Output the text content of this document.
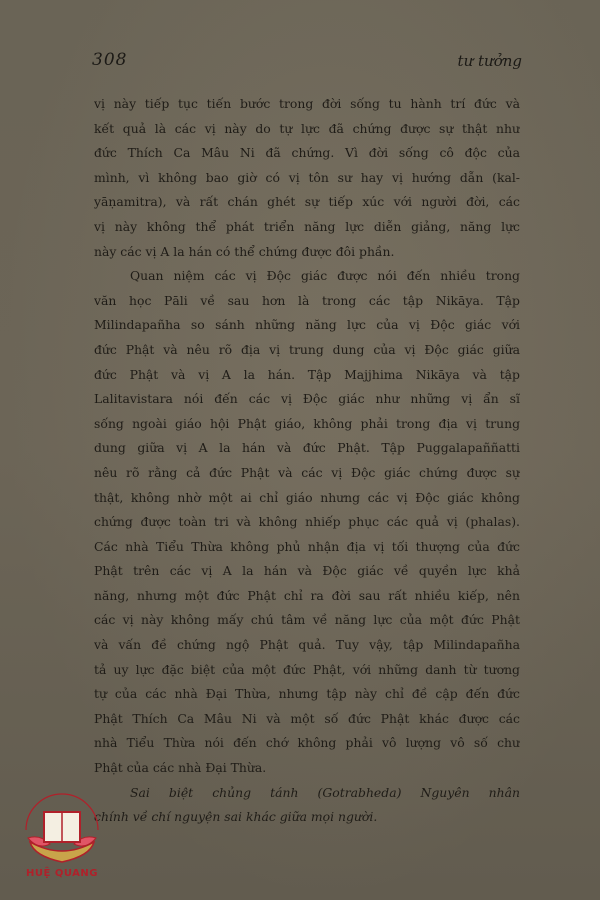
308	tư tưởng
vị này tiếp tục tiến bước trong đời sống tu hành trí đức và
kết quả là các vị này do tự lực đã chứng được sự thật như
đức Thích Ca Mâu Ni đã chứng. Vì đời sống cô độc của
mình, vì không bao giờ có vị tôn sư hay vị hướng dẫn (kal-
yāṇamitra), và rất chán ghét sự tiếp xúc với người đời, các
vị này không thể phát triển năng lực diễn giảng, năng lực
này các vị A la hán có thể chứng được đôi phần.
Quan niệm các vị Độc giác được nói đến nhiều trong
văn học Pāli về sau hơn là trong các tập Nikāya. Tập
Milindapañha so sánh những năng lực của vị Độc giác với
đức Phật và nêu rõ địa vị trung dung của vị Độc giác giữa
đức Phật và vị A la hán. Tập Majjhima Nikāya và tập
Lalitavistara nói đến các vị Độc giác như những vị ẩn sĩ
sống ngoài giáo hội Phật giáo, không phải trong địa vị trung
dung giữa vị A la hán và đức Phật. Tập Puggalapaññatti
nêu rõ rằng cả đức Phật và các vị Độc giác chứng được sự
thật, không nhờ một ai chỉ giáo nhưng các vị Độc giác không
chứng được toàn tri và không nhiếp phục các quả vị (phalas).
Các nhà Tiểu Thừa không phủ nhận địa vị tối thượng của đức
Phật trên các vị A la hán và Độc giác về quyền lực khả
năng, nhưng một đức Phật chỉ ra đời sau rất nhiều kiếp, nên
các vị này không mấy chú tâm về năng lực của một đức Phật
và vấn đề chứng ngộ Phật quả. Tuy vậy, tập Milindapañha
tả uy lực đặc biệt của một đức Phật, với những danh từ tương
tự của các nhà Đại Thừa, nhưng tập này chỉ đề cập đến đức
Phật Thích Ca Mâu Ni và một số đức Phật khác được các
nhà Tiểu Thừa nói đến chớ không phải vô lượng vô số chư
Phật của các nhà Đại Thừa.
Sai biệt chủng tánh (Gotrabheda) Nguyên nhân
chính về chí nguyện sai khác giữa mọi người.
HUỆ QUANG
